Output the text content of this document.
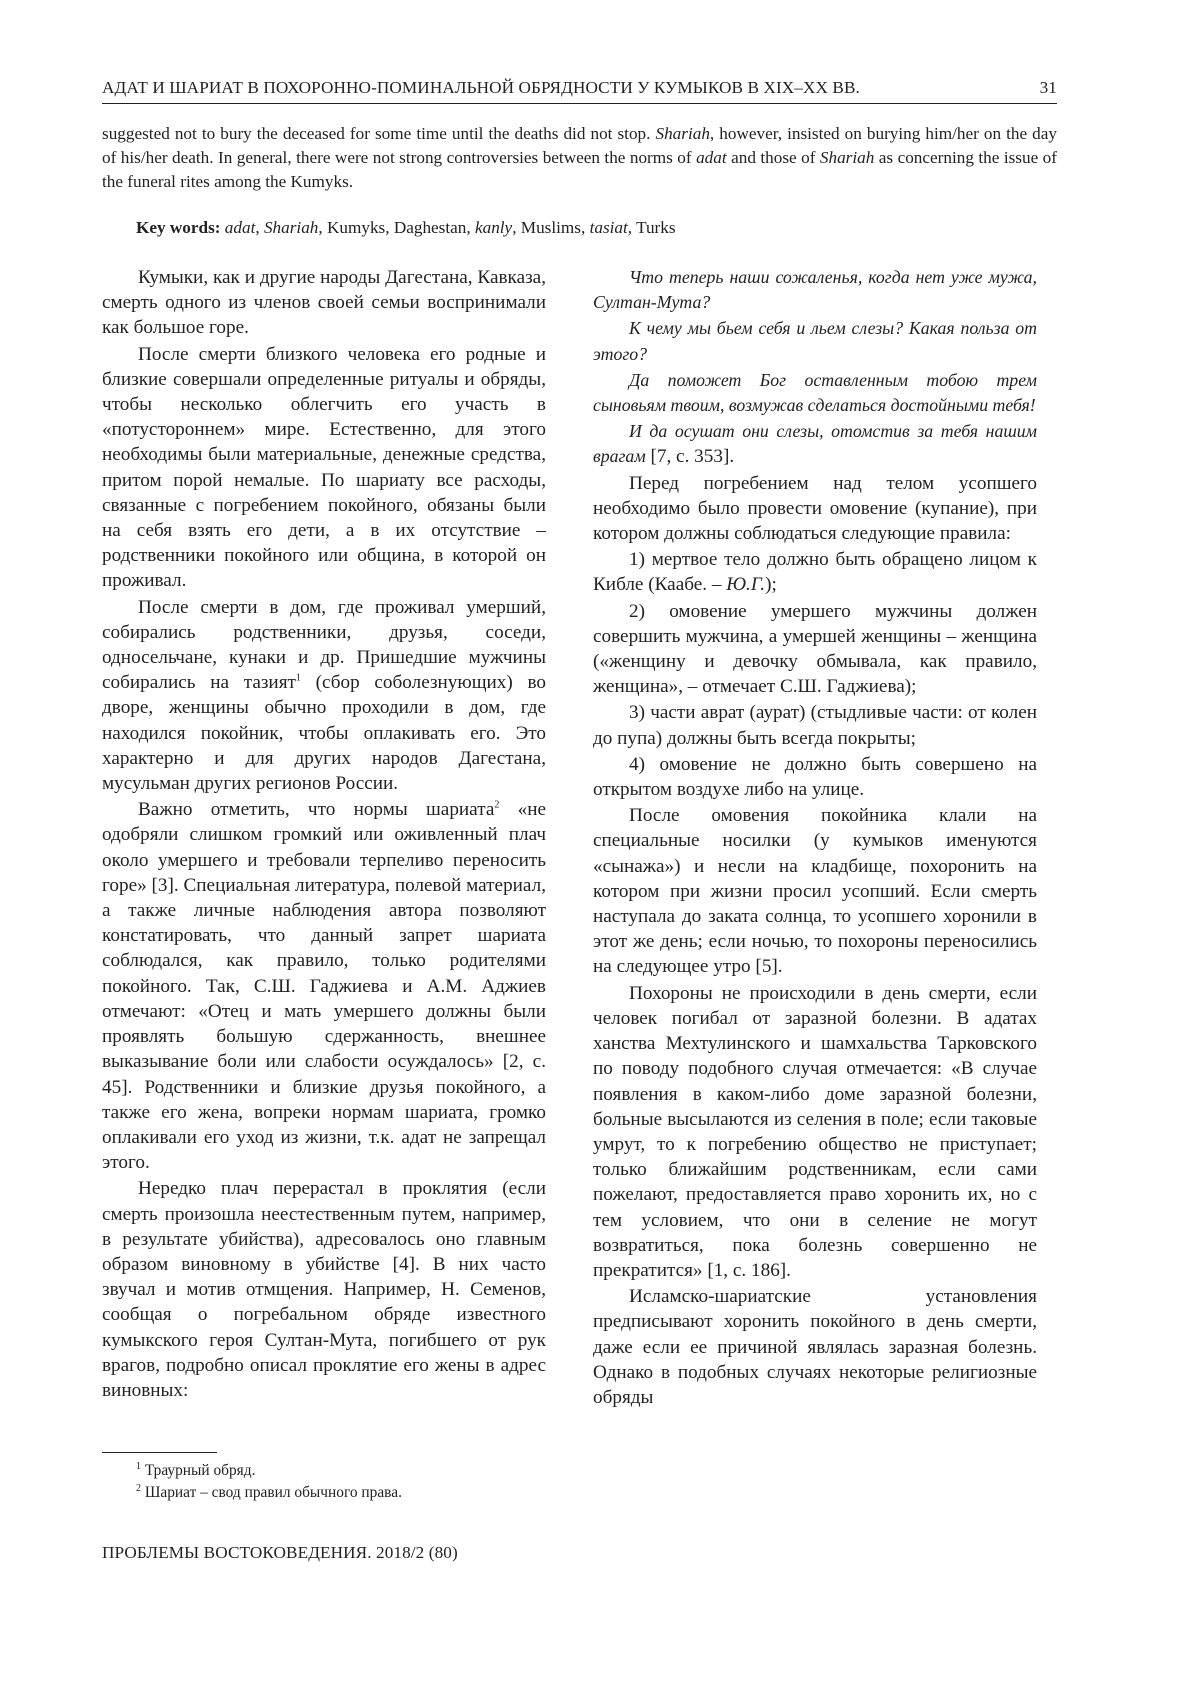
АДАТ И ШАРИАТ В ПОХОРОННО-ПОМИНАЛЬНОЙ ОБРЯДНОСТИ У КУМЫКОВ В XIX–XX ВВ.	31

suggested not to bury the deceased for some time until the deaths did not stop. Shariah, however, insisted on burying him/her on the day of his/her death. In general, there were not strong controversies between the norms of adat and those of Shariah as concerning the issue of the funeral rites among the Kumyks.

Key words: adat, Shariah, Kumyks, Daghestan, kanly, Muslims, tasiat, Turks

Кумыки, как и другие народы Дагестана, Кавказа, смерть одного из членов своей семьи воспринимали как большое горе.

После смерти близкого человека его родные и близкие совершали определенные ритуалы и обряды, чтобы несколько облегчить его участь в «потустороннем» мире. Естественно, для этого необходимы были материальные, денежные средства, притом порой немалые. По шариату все расходы, связанные с погребением покойного, обязаны были на себя взять его дети, а в их отсутствие – родственники покойного или община, в которой он проживал.

После смерти в дом, где проживал умерший, собирались родственники, друзья, соседи, односельчане, кунаки и др. Пришедшие мужчины собирались на тазият$^1$ (сбор соболезнующих) во дворе, женщины обычно проходили в дом, где находился покойник, чтобы оплакивать его. Это характерно и для других народов Дагестана, мусульман других регионов России.

Важно отметить, что нормы шариата$^2$ «не одобряли слишком громкий или оживленный плач около умершего и требовали терпеливо переносить горе» [3]. Специальная литература, полевой материал, а также личные наблюдения автора позволяют констатировать, что данный запрет шариата соблюдался, как правило, только родителями покойного. Так, С.Ш. Гаджиева и А.М. Аджиев отмечают: «Отец и мать умершего должны были проявлять большую сдержанность, внешнее выказывание боли или слабости осуждалось» [2, с. 45]. Родственники и близкие друзья покойного, а также его жена, вопреки нормам шариата, громко оплакивали его уход из жизни, т.к. адат не запрещал этого.

Нередко плач перерастал в проклятия (если смерть произошла неестественным путем, например, в результате убийства), адресовалось оно главным образом виновному в убийстве [4]. В них часто звучал и мотив отмщения. Например, Н. Семенов, сообщая о погребальном обряде известного кумыкского героя Султан-Мута, погибшего от рук врагов, подробно описал проклятие его жены в адрес виновных:

Что теперь наши сожаленья, когда нет уже мужа, Султан-Мута?

К чему мы бьем себя и льем слезы? Какая польза от этого?

Да поможет Бог оставленным тобою трем сыновьям твоим, возмужав сделаться достойными тебя!

И да осушат они слезы, отомстив за тебя нашим врагам [7, с. 353].

Перед погребением над телом усопшего необходимо было провести омовение (купание), при котором должны соблюдаться следующие правила:

1) мертвое тело должно быть обращено лицом к Кибле (Каабе. – Ю.Г.);

2) омовение умершего мужчины должен совершить мужчина, а умершей женщины – женщина («женщину и девочку обмывала, как правило, женщина», – отмечает С.Ш. Гаджиева);

3) части аврат (аурат) (стыдливые части: от колен до пупа) должны быть всегда покрыты;

4) омовение не должно быть совершено на открытом воздухе либо на улице.

После омовения покойника клали на специальные носилки (у кумыков именуются «сынажа») и несли на кладбище, похоронить на котором при жизни просил усопший. Если смерть наступала до заката солнца, то усопшего хоронили в этот же день; если ночью, то похороны переносились на следующее утро [5].

Похороны не происходили в день смерти, если человек погибал от заразной болезни. В адатах ханства Мехтулинского и шамхальства Тарковского по поводу подобного случая отмечается: «В случае появления в каком-либо доме заразной болезни, больные высылаются из селения в поле; если таковые умрут, то к погребению общество не приступает; только ближайшим родственникам, если сами пожелают, предоставляется право хоронить их, но с тем условием, что они в селение не могут возвратиться, пока болезнь совершенно не прекратится» [1, с. 186].

Исламско-шариатские установления предписывают хоронить покойного в день смерти, даже если ее причиной являлась заразная болезнь. Однако в подобных случаях некоторые религиозные обряды

$^1$ Траурный обряд.
$^2$ Шариат – свод правил обычного права.
ПРОБЛЕМЫ ВОСТОКОВЕДЕНИЯ. 2018/2 (80)
